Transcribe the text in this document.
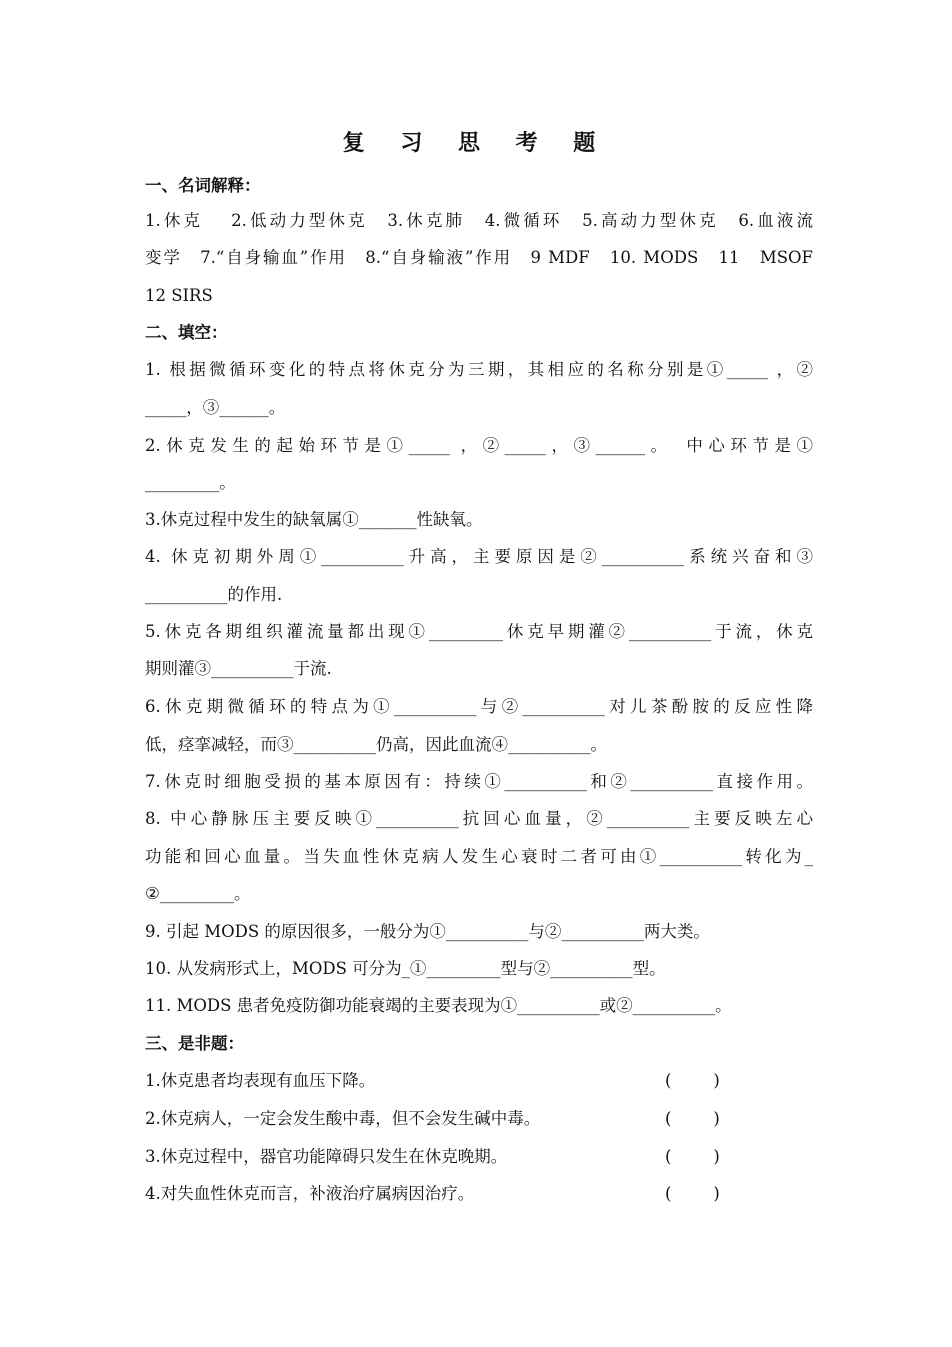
复 习 思 考 题
一、名词解释：
1.休克　 2.低动力型休克　3.休克肺　4.微循环　5.高动力型休克　6.血液流
变学　7.“自身输血”作用　8.“自身输液”作用　9 MDF　10. MODS　11　MSOF
12 SIRS
二、填空：
1. 根据微循环变化的特点将休克分为三期，其相应的名称分别是①_____ ，②
_____，③______。
2.休克发生的起始环节是①_____ ，②_____，③______。　中心环节是①
_________。
3.休克过程中发生的缺氧属①_______性缺氧。
4. 休克初期外周①__________升高，主要原因是②__________系统兴奋和③
__________的作用.
5.休克各期组织灌流量都出现①_________休克早期灌②__________于流，休克
期则灌③__________于流.
6.休克期微循环的特点为①__________与②__________对儿茶酚胺的反应性降
低，痉挛减轻，而③__________仍高，因此血流④__________。
7.休克时细胞受损的基本原因有：持续①__________和②__________直接作用。
8. 中心静脉压主要反映①__________抗回心血量，②__________主要反映左心
功能和回心血量。当失血性休克病人发生心衰时二者可由①__________转化为_
②_________。
9. 引起 MODS 的原因很多，一般分为①__________与②__________两大类。
10. 从发病形式上，MODS 可分为_①_________型与②__________型。
11. MODS 患者免疫防御功能衰竭的主要表现为①__________或②__________。
三、是非题：
1.休克患者均表现有血压下降。	(        )
2.休克病人，一定会发生酸中毒，但不会发生碱中毒。	(        )
3.休克过程中，器官功能障碍只发生在休克晚期。	(        )
4.对失血性休克而言，补液治疗属病因治疗。	(        )
